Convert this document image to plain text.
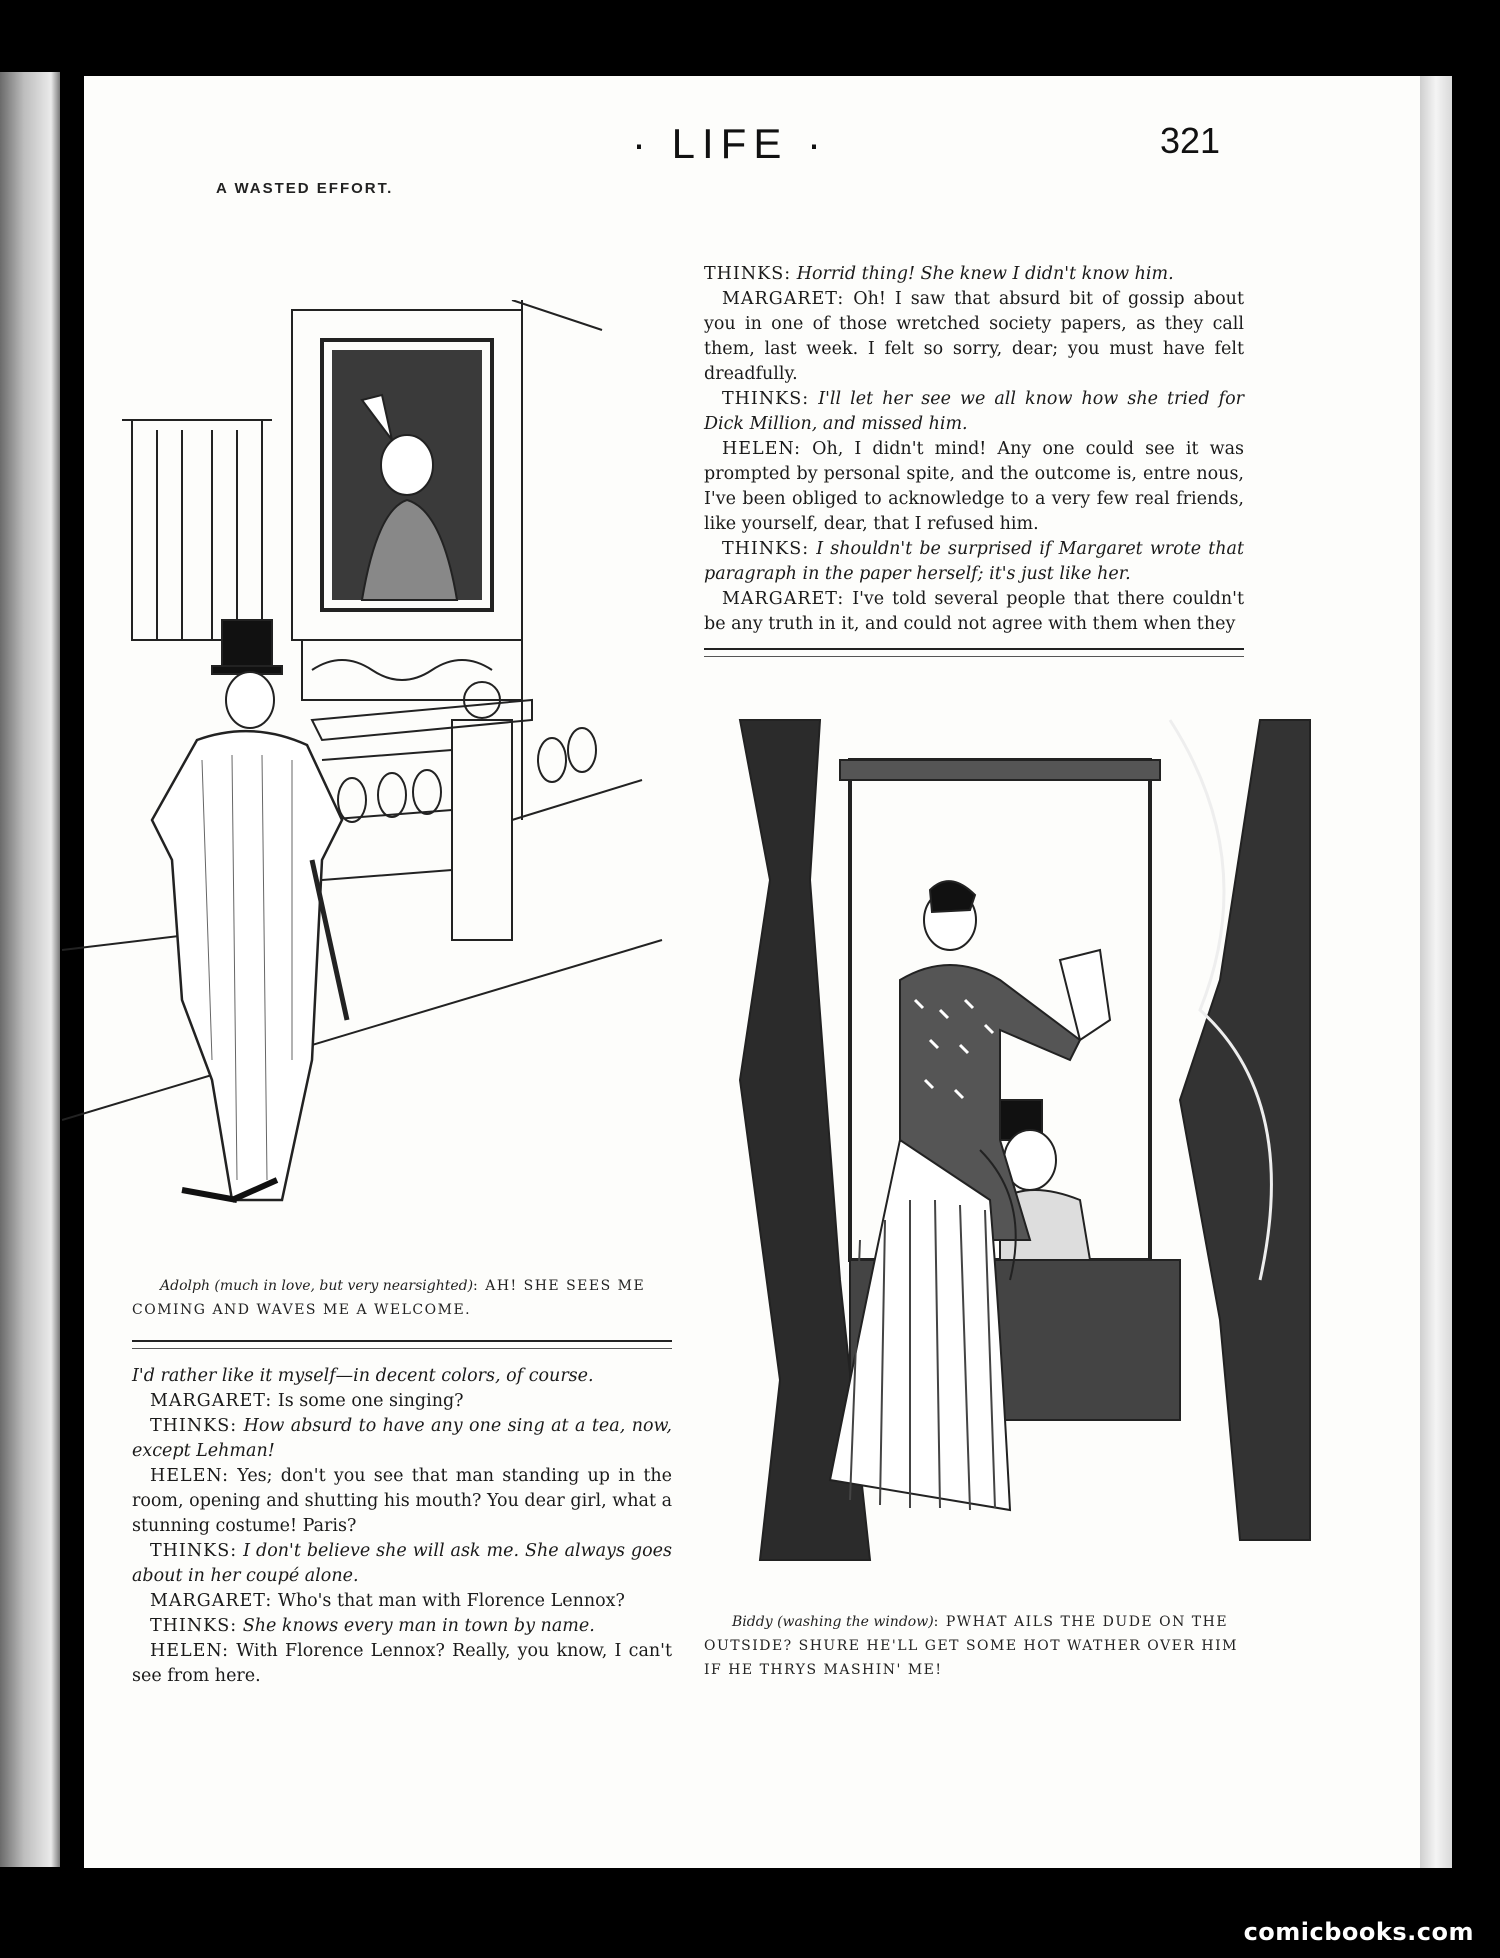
· LIFE ·	321
A WASTED EFFORT.

THINKS: Horrid thing! She knew I didn't know him.

MARGARET: Oh! I saw that absurd bit of gossip about you in one of those wretched society papers, as they call them, last week. I felt so sorry, dear; you must have felt dreadfully.

THINKS: I'll let her see we all know how she tried for Dick Million, and missed him.

HELEN: Oh, I didn't mind! Any one could see it was prompted by personal spite, and the outcome is, entre nous, I've been obliged to acknowledge to a very few real friends, like yourself, dear, that I refused him.

THINKS: I shouldn't be surprised if Margaret wrote that paragraph in the paper herself; it's just like her.

MARGARET: I've told several people that there couldn't be any truth in it, and could not agree with them when they

Adolph (much in love, but very nearsighted): AH! SHE SEES ME COMING AND WAVES ME A WELCOME.

I'd rather like it myself—in decent colors, of course.

MARGARET: Is some one singing?

THINKS: How absurd to have any one sing at a tea, now, except Lehman!

HELEN: Yes; don't you see that man standing up in the room, opening and shutting his mouth? You dear girl, what a stunning costume! Paris?

THINKS: I don't believe she will ask me. She always goes about in her coupé alone.

MARGARET: Who's that man with Florence Lennox?

THINKS: She knows every man in town by name.

HELEN: With Florence Lennox? Really, you know, I can't see from here.

Biddy (washing the window): PWHAT AILS THE DUDE ON THE OUTSIDE? SHURE HE'LL GET SOME HOT WATHER OVER HIM IF HE THRYS MASHIN' ME!
comicbooks.com
